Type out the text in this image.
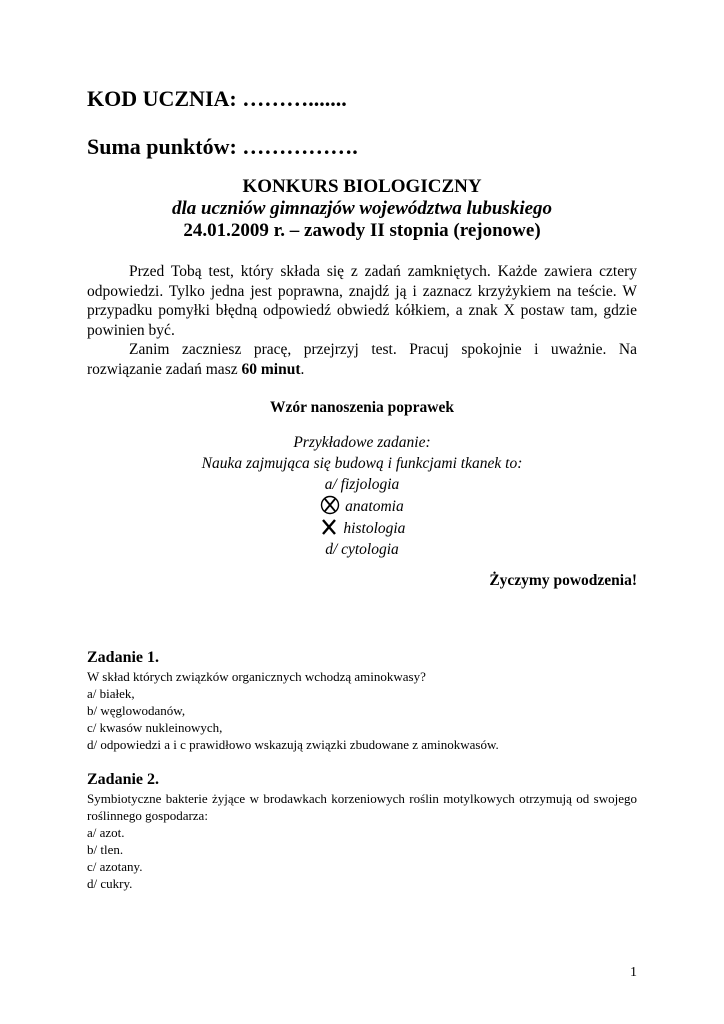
KOD UCZNIA: ……….......
Suma punktów: …………….
KONKURS BIOLOGICZNY
dla uczniów gimnazjów województwa lubuskiego
24.01.2009 r. – zawody II stopnia (rejonowe)

Przed Tobą test, który składa się z zadań zamkniętych. Każde zawiera cztery odpowiedzi. Tylko jedna jest poprawna, znajdź ją i zaznacz krzyżykiem na teście. W przypadku pomyłki błędną odpowiedź obwiedź kółkiem, a znak X postaw tam, gdzie powinien być.

Zanim zaczniesz pracę, przejrzyj test. Pracuj spokojnie i uważnie. Na rozwiązanie zadań masz 60 minut.

Wzór nanoszenia poprawek
Przykładowe zadanie:
Nauka zajmująca się budową i funkcjami tkanek to:
a/ fizjologia
anatomia
histologia
d/ cytologia
Życzymy powodzenia!
Zadanie 1.
W skład których związków organicznych wchodzą aminokwasy?
a/ białek,
b/ węglowodanów,
c/ kwasów nukleinowych,
d/ odpowiedzi a i c prawidłowo wskazują związki zbudowane z aminokwasów.
Zadanie 2.
Symbiotyczne bakterie żyjące w brodawkach korzeniowych roślin motylkowych otrzymują od swojego roślinnego gospodarza:
a/ azot.
b/ tlen.
c/ azotany.
d/ cukry.
1
